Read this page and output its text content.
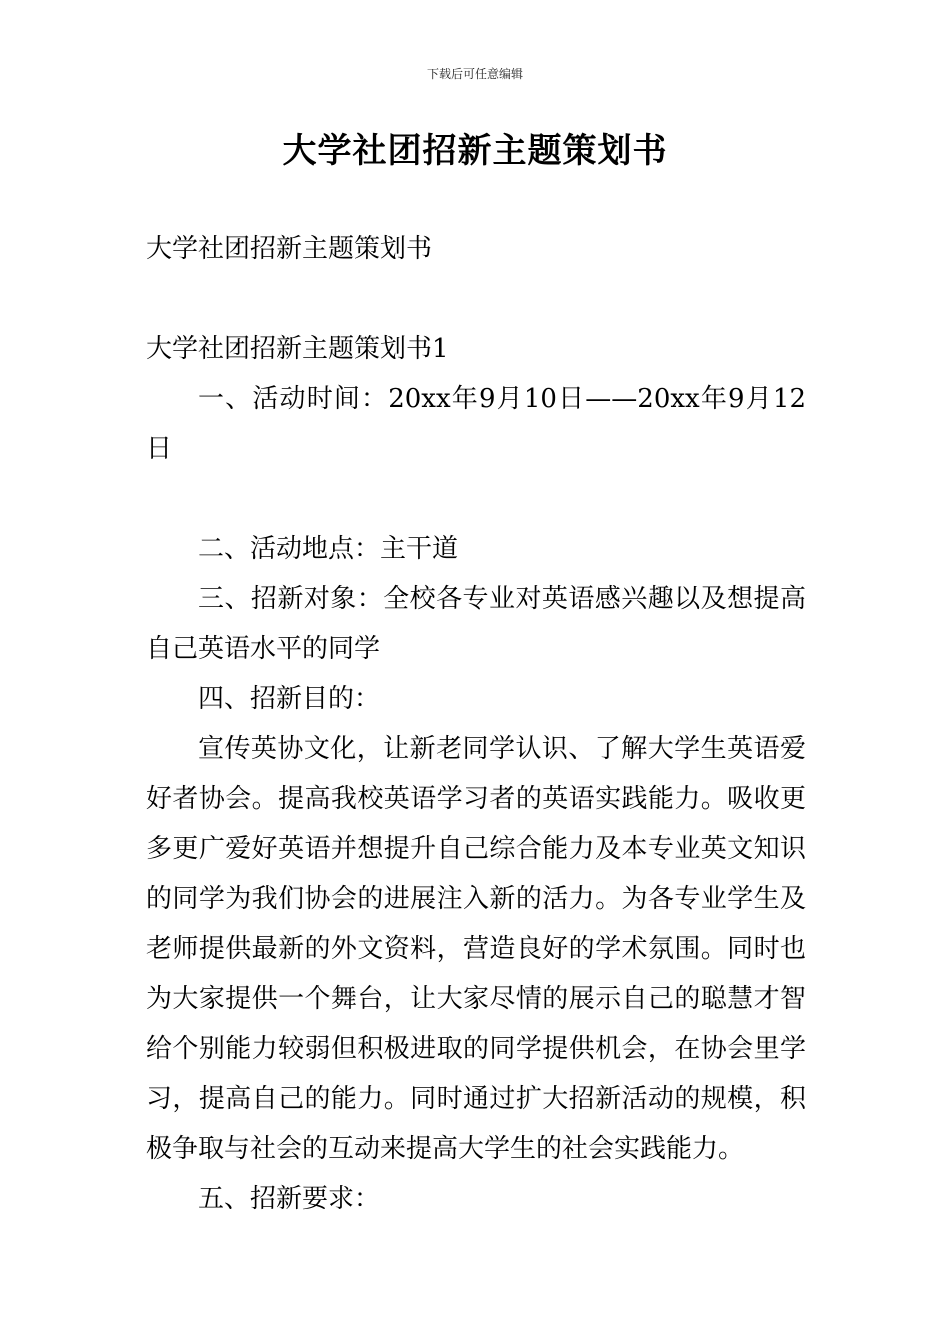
下载后可任意编辑
大学社团招新主题策划书

大学社团招新主题策划书

大学社团招新主题策划书1

一、活动时间：20xx年9月10日——20xx年9月12日

二、活动地点：主干道

三、招新对象：全校各专业对英语感兴趣以及想提高自己英语水平的同学

四、招新目的：

宣传英协文化，让新老同学认识、了解大学生英语爱好者协会。提高我校英语学习者的英语实践能力。吸收更多更广爱好英语并想提升自己综合能力及本专业英文知识的同学为我们协会的进展注入新的活力。为各专业学生及老师提供最新的外文资料，营造良好的学术氛围。同时也为大家提供一个舞台，让大家尽情的展示自己的聪慧才智给个别能力较弱但积极进取的同学提供机会，在协会里学习，提高自己的能力。同时通过扩大招新活动的规模，积极争取与社会的互动来提高大学生的社会实践能力。

五、招新要求：
